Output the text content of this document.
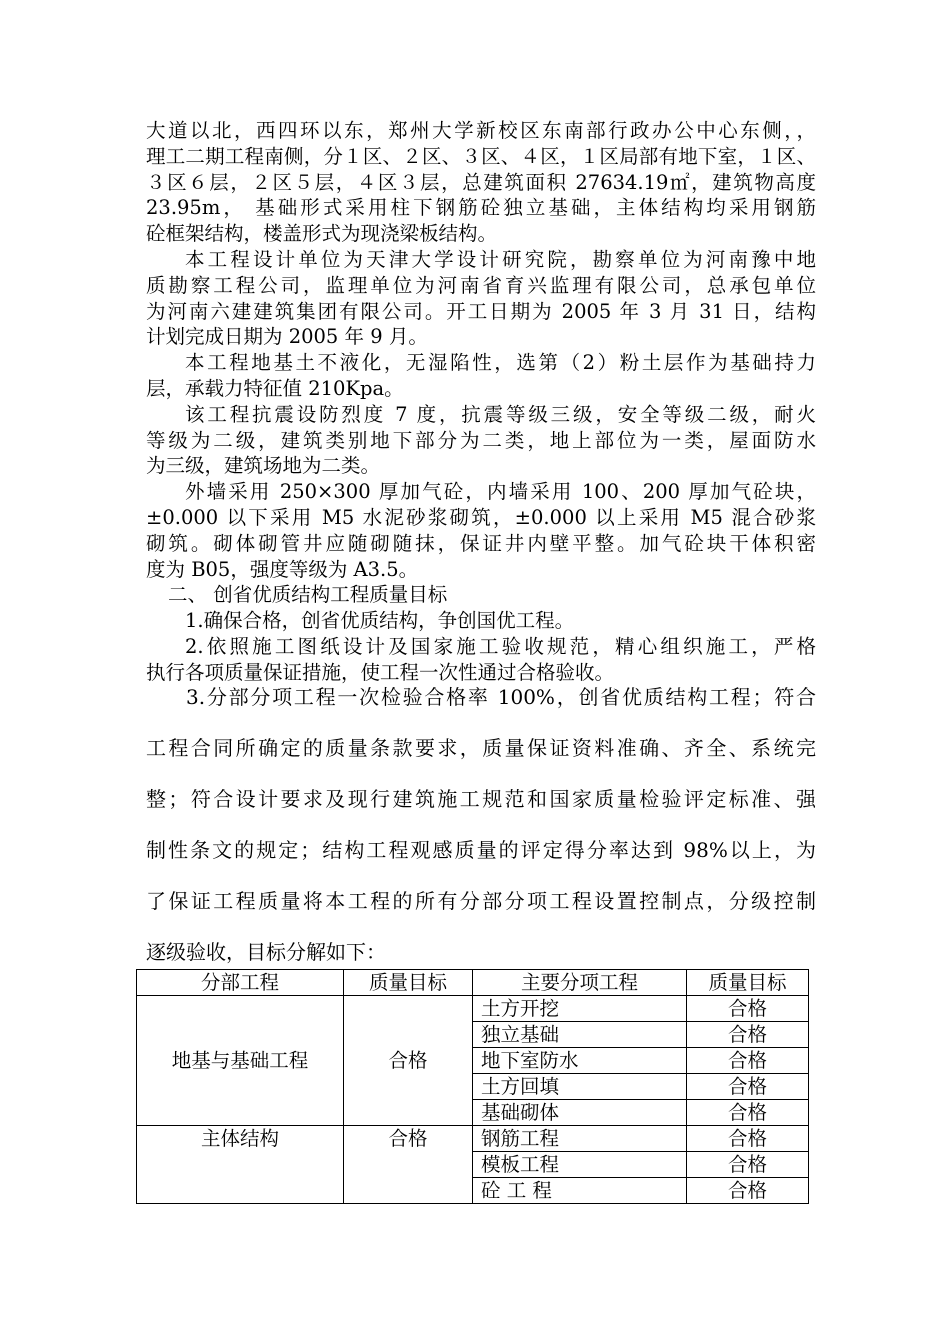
大道以北，西四环以东，郑州大学新校区东南部行政办公中心东侧，，

理工二期工程南侧，分１区、２区、３区、４区，１区局部有地下室，１区、

３区６层，２区５层，４区３层，总建筑面积 27634.19㎡，建筑物高度

23.95m， 基础形式采用柱下钢筋砼独立基础，主体结构均采用钢筋

砼框架结构，楼盖形式为现浇梁板结构。

本工程设计单位为天津大学设计研究院，勘察单位为河南豫中地

质勘察工程公司，监理单位为河南省育兴监理有限公司，总承包单位

为河南六建建筑集团有限公司。开工日期为 2005 年 3 月 31 日，结构

计划完成日期为 2005 年 9 月。

本工程地基土不液化，无湿陷性，选第（2）粉土层作为基础持力

层，承载力特征值 210Kpa。

该工程抗震设防烈度 7 度，抗震等级三级，安全等级二级，耐火

等级为二级，建筑类别地下部分为二类，地上部位为一类，屋面防水

为三级，建筑场地为二类。

外墙采用 250×300 厚加气砼，内墙采用 100、200 厚加气砼块，

±0.000 以下采用 M5 水泥砂浆砌筑，±0.000 以上采用 M5 混合砂浆

砌筑。砌体砌管井应随砌随抹，保证井内壁平整。加气砼块干体积密

度为 B05，强度等级为 A3.5。

二、 创省优质结构工程质量目标

1.确保合格，创省优质结构，争创国优工程。

2.依照施工图纸设计及国家施工验收规范，精心组织施工，严格

执行各项质量保证措施，使工程一次性通过合格验收。

3.分部分项工程一次检验合格率 100%，创省优质结构工程；符合

工程合同所确定的质量条款要求，质量保证资料准确、齐全、系统完

整；符合设计要求及现行建筑施工规范和国家质量检验评定标准、强

制性条文的规定；结构工程观感质量的评定得分率达到 98%以上，为

了保证工程质量将本工程的所有分部分项工程设置控制点，分级控制

逐级验收，目标分解如下：

分部工程	质量目标	主要分项工程	质量目标
地基与基础工程	合格	土方开挖	合格
		独立基础	合格
		地下室防水	合格
		土方回填	合格
		基础砌体	合格
主体结构	合格	钢筋工程	合格
		模板工程	合格
		砼 工 程	合格
